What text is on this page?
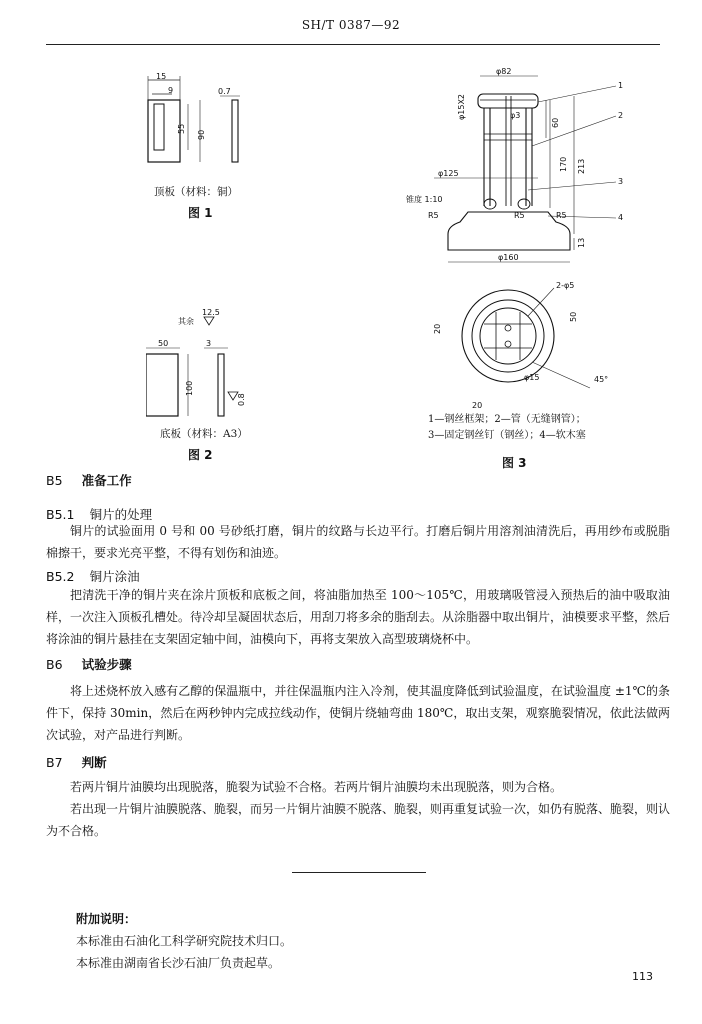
SH/T 0387—92
15
9
55
90
0.7
顶板（材料：铜）
图 1
其余
12.5
50	3
100
0.8
底板（材料：A3）
图 2
φ82
φ15X2	φ3
60
170 213
φ125
锥度 1:10
R5	R5	R5
13
φ160
1
2
3
4
2-φ5
20
50
φ15
20
45°
1—钢丝框架；2—管（无缝钢管）；
3—固定钢丝钉（钢丝）；4—软木塞
图 3
B5 准备工作
B5.1 铜片的处理
铜片的试验面用 0 号和 00 号砂纸打磨，铜片的纹路与长边平行。打磨后铜片用溶剂油清洗后，再用纱布或脱脂棉擦干，要求光亮平整，不得有划伤和油迹。
B5.2 铜片涂油
把清洗干净的铜片夹在涂片顶板和底板之间，将油脂加热至 100～105℃，用玻璃吸管浸入预热后的油中吸取油样，一次注入顶板孔槽处。待冷却呈凝固状态后，用刮刀将多余的脂刮去。从涂脂器中取出铜片，油模要求平整，然后将涂油的铜片悬挂在支架固定轴中间，油模向下，再将支架放入高型玻璃烧杯中。
B6 试验步骤
将上述烧杯放入感有乙醇的保温瓶中，并往保温瓶内注入冷剂，使其温度降低到试验温度，在试验温度 ±1℃的条件下，保持 30min，然后在两秒钟内完成拉线动作，使铜片绕轴弯曲 180℃，取出支架，观察脆裂情况，依此法做两次试验，对产品进行判断。
B7 判断
若两片铜片油膜均出现脱落，脆裂为试验不合格。若两片铜片油膜均未出现脱落，则为合格。
若出现一片铜片油膜脱落、脆裂，而另一片铜片油膜不脱落、脆裂，则再重复试验一次，如仍有脱落、脆裂，则认为不合格。
附加说明：
本标准由石油化工科学研究院技术归口。
本标准由湖南省长沙石油厂负责起草。
113
